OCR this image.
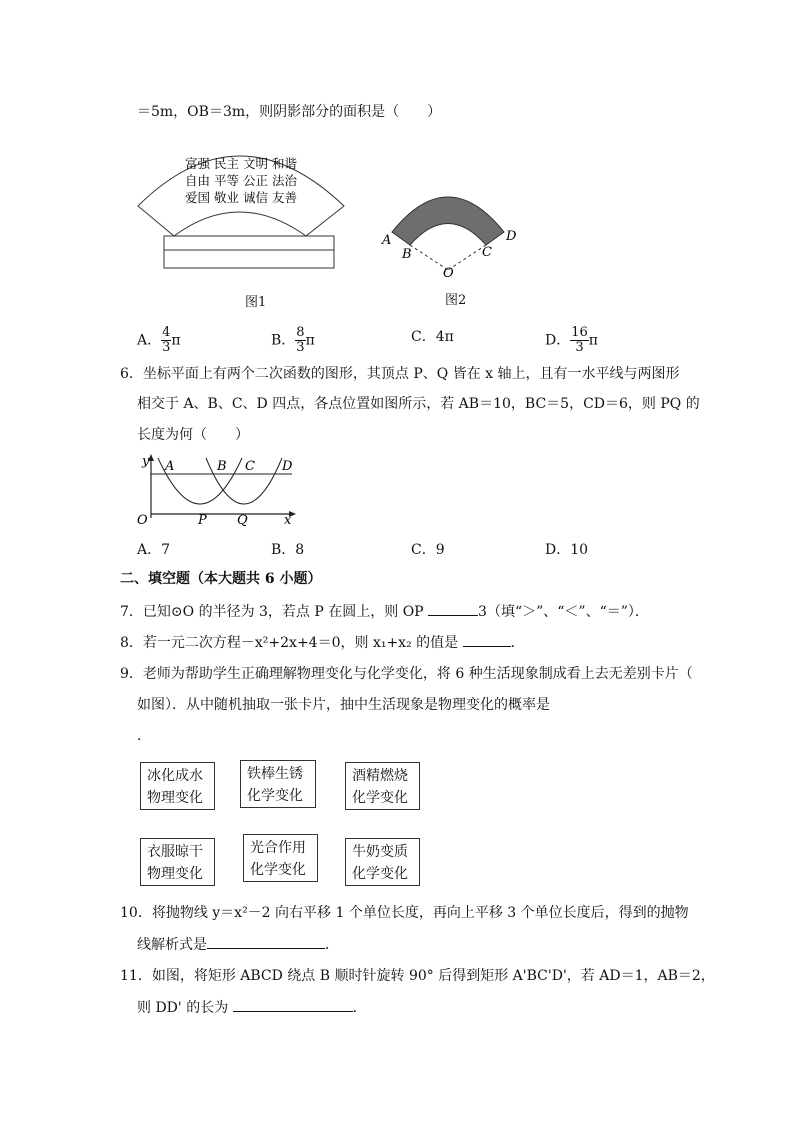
＝5m，OB＝3m，则阴影部分的面积是（　　）
富强 民主 文明 和谐
自由 平等 公正 法治
爱国 敬业 诚信 友善
图1
A
B	C
D
O
图2
A． $\frac{4}{3}$ π	B． $\frac{8}{3}$ π	C．4π	D． $\frac{16}{3}$ π
6．坐标平面上有两个二次函数的图形，其顶点 P、Q 皆在 x 轴上，且有一水平线与两图形
相交于 A、B、C、D 四点，各点位置如图所示，若 AB＝10，BC＝5，CD＝6，则 PQ 的
长度为何（　　）
y A	B C D
O	P Q	x
A．7	B．8	C．9	D．10
二、填空题（本大题共 6 小题）
7．已知⊙O 的半径为 3，若点 P 在圆上，则 OP	3（填“＞”、“＜”、“＝”）．
8．若一元二次方程－x²+2x+4＝0，则 x₁+x₂ 的值是	．
9．老师为帮助学生正确理解物理变化与化学变化，将 6 种生活现象制成看上去无差别卡片（
如图）．从中随机抽取一张卡片，抽中生活现象是物理变化的概率是
．
冰化成水
物理变化
铁棒生锈
化学变化
酒精燃烧
化学变化
衣服晾干
物理变化
光合作用
化学变化
牛奶变质
化学变化
10．将抛物线 y＝x²－2 向右平移 1 个单位长度，再向上平移 3 个单位长度后，得到的抛物
线解析式是	．
11．如图，将矩形 ABCD 绕点 B 顺时针旋转 90° 后得到矩形 A'BC'D'，若 AD＝1，AB＝2，
则 DD' 的长为	．
